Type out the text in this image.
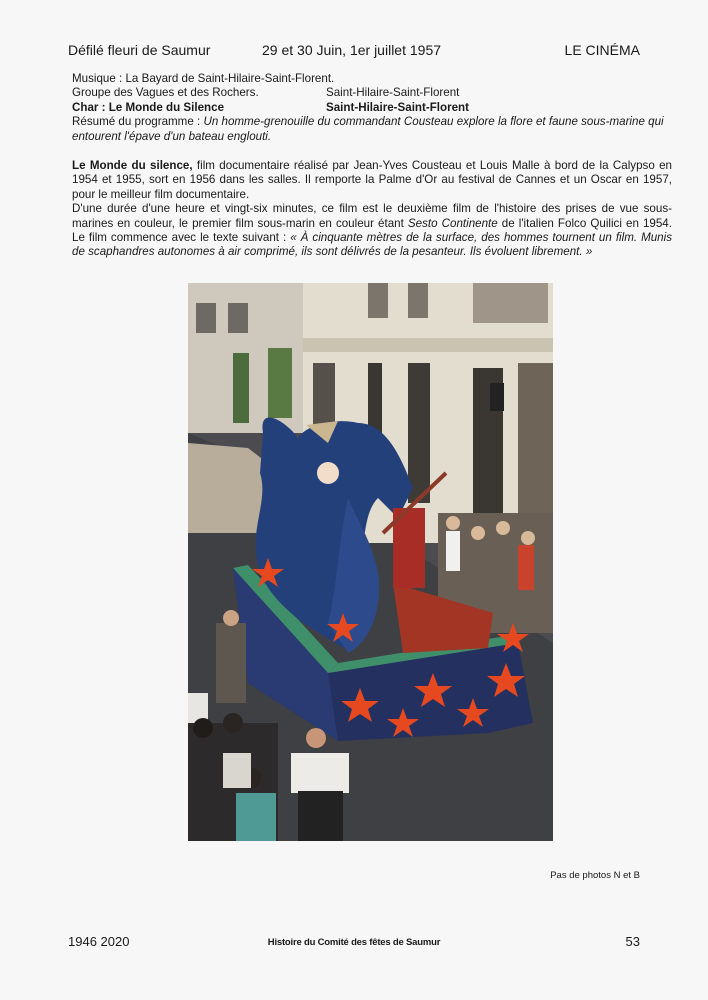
Défilé fleuri de Saumur	29 et 30 Juin, 1er juillet 1957	LE CINÉMA

Musique : La Bayard de Saint-Hilaire-Saint-Florent.

Groupe des Vagues et des Rochers.	Saint-Hilaire-Saint-Florent
Char : Le Monde du Silence	Saint-Hilaire-Saint-Florent

Résumé du programme : Un homme-grenouille du commandant Cousteau explore la flore et faune sous-marine qui entourent l'épave d'un bateau englouti.

Le Monde du silence, film documentaire réalisé par Jean-Yves Cousteau et Louis Malle à bord de la Calypso en 1954 et 1955, sort en 1956 dans les salles. Il remporte la Palme d'Or au festival de Cannes et un Oscar en 1957, pour le meilleur film documentaire.

D'une durée d'une heure et vingt-six minutes, ce film est le deuxième film de l'histoire des prises de vue sous-marines en couleur, le premier film sous-marin en couleur étant Sesto Continente de l'italien Folco Quilici en 1954. Le film commence avec le texte suivant : « À cinquante mètres de la surface, des hommes tournent un film. Munis de scaphandres autonomes à air comprimé, ils sont délivrés de la pesanteur. Ils évoluent librement. »

Pas de photos N et B
1946 2020	Histoire du Comité des fêtes de Saumur	53
